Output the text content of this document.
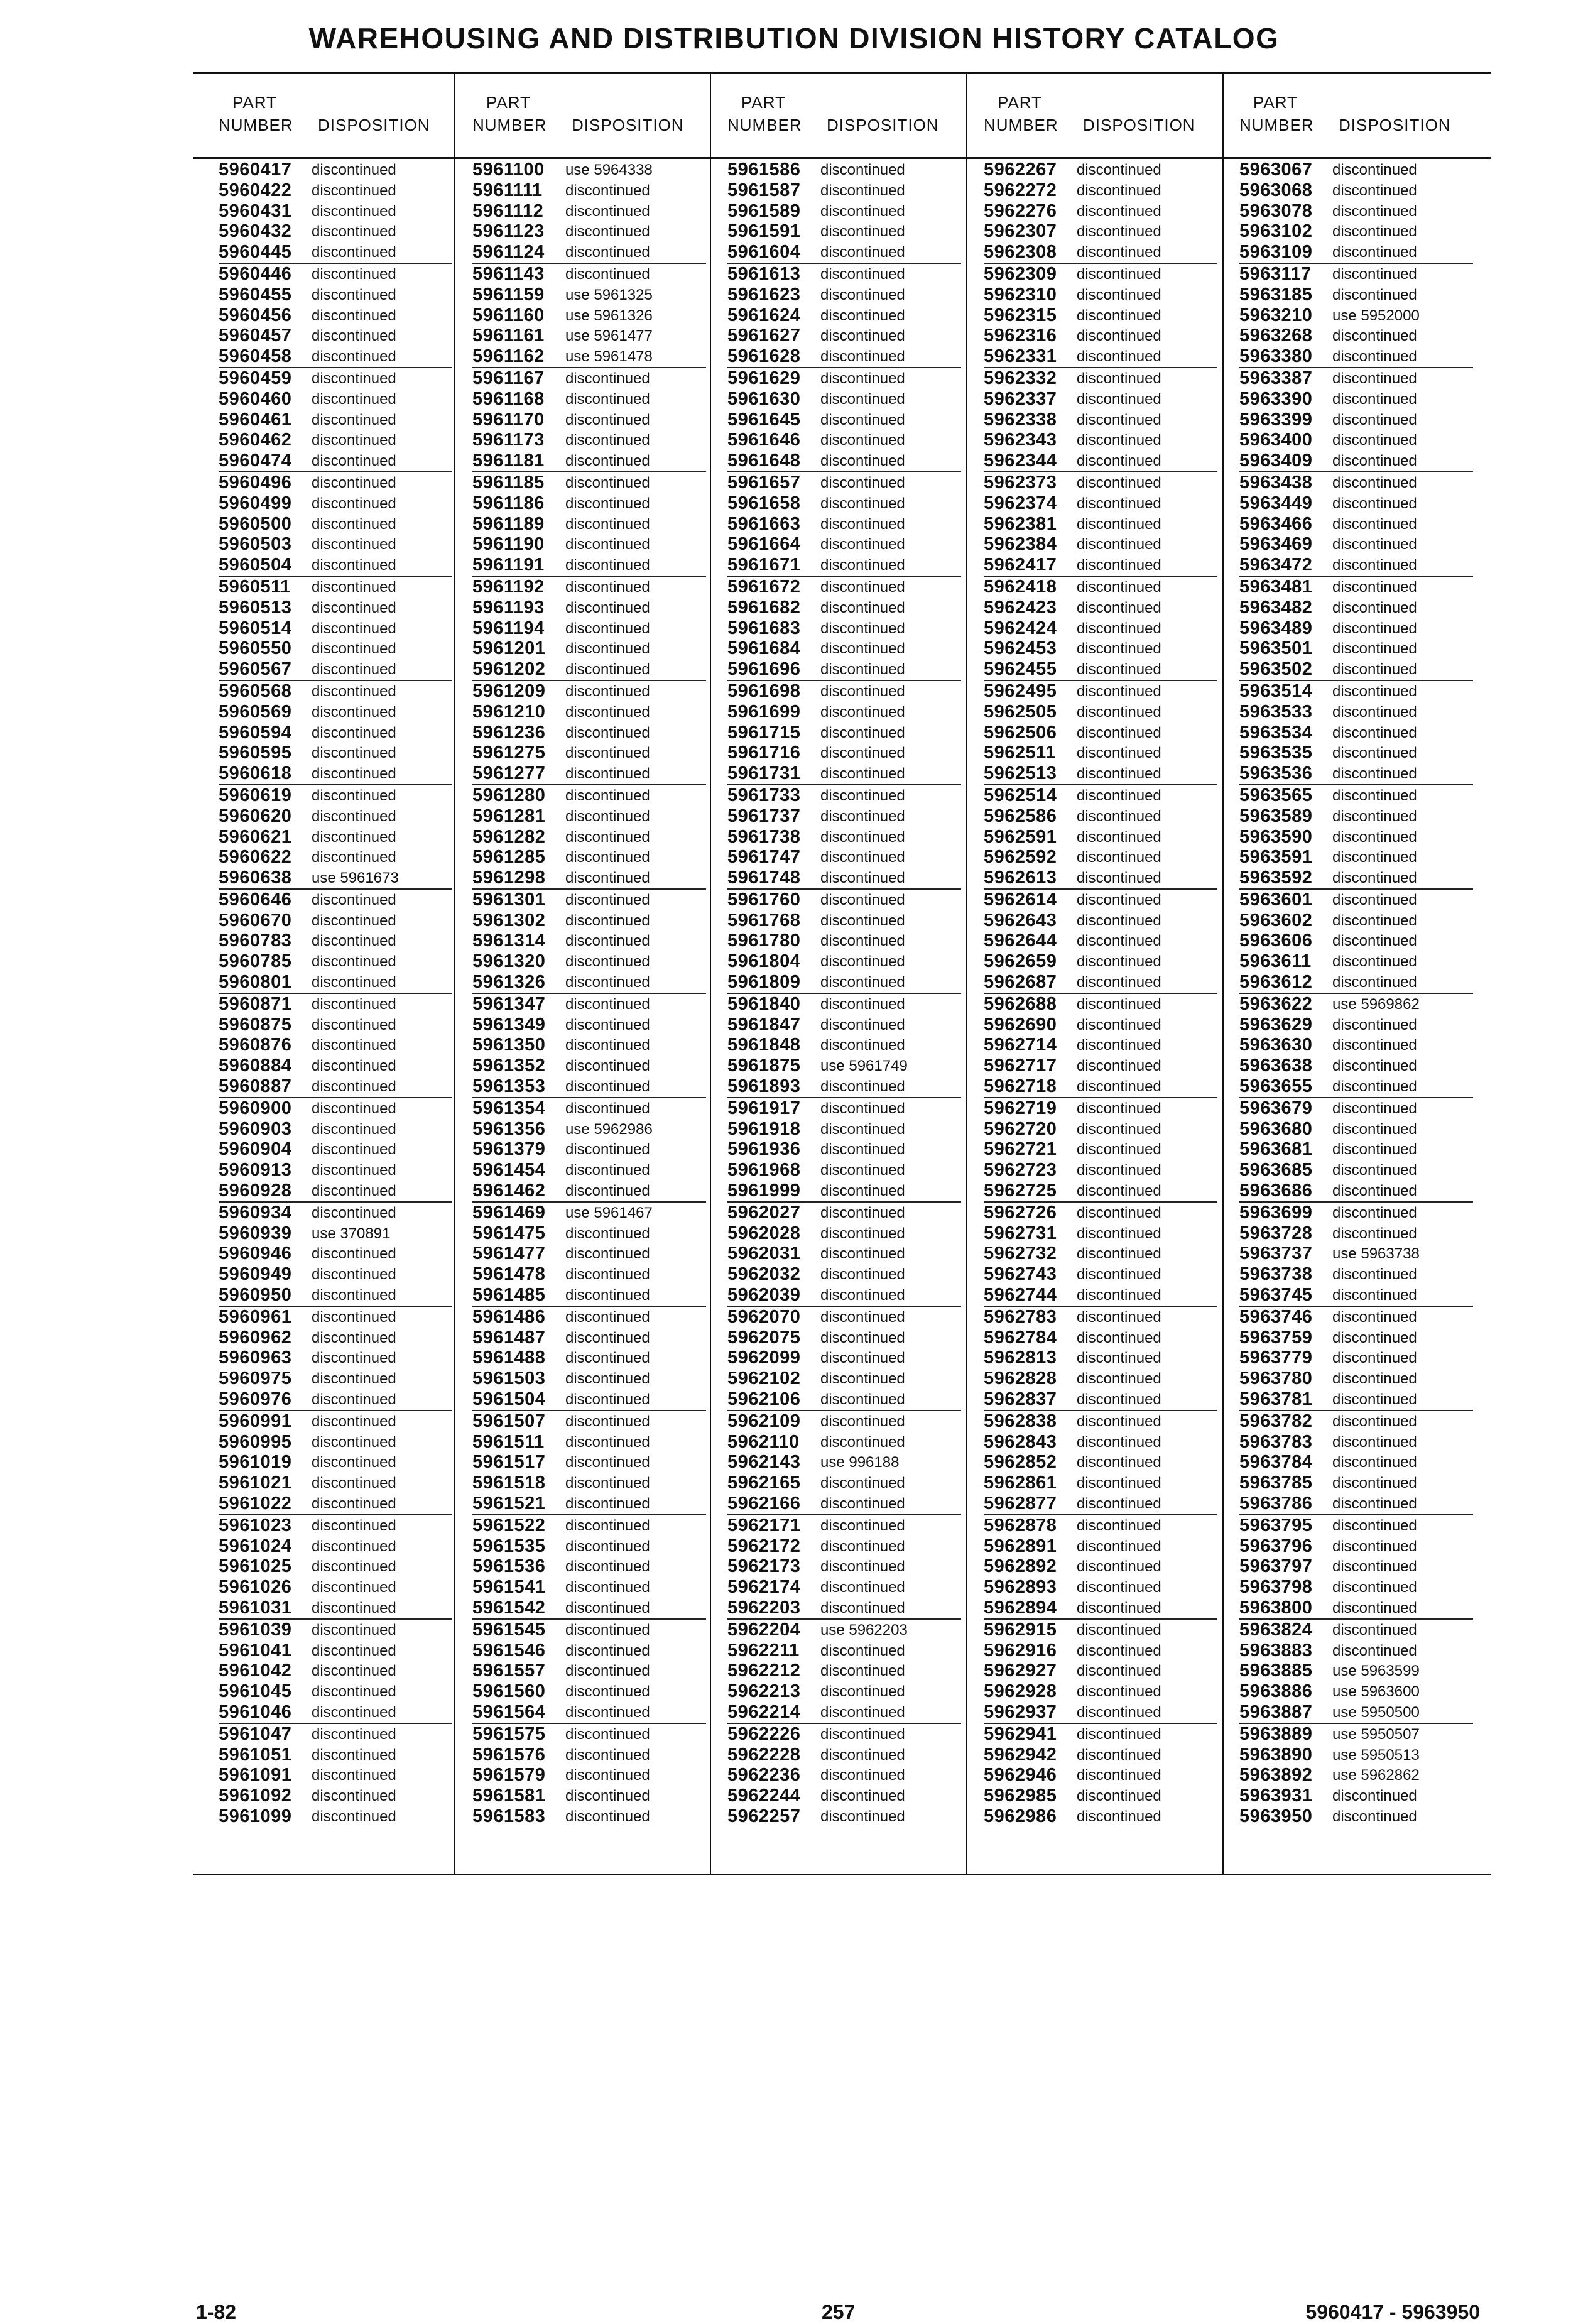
WAREHOUSING AND DISTRIBUTION DIVISION HISTORY CATALOG
PART
NUMBER DISPOSITION
PART
NUMBER DISPOSITION
PART
NUMBER DISPOSITION
PART
NUMBER DISPOSITION
PART
NUMBER DISPOSITION
5960417 discontinued
5960422 discontinued
5960431 discontinued
5960432 discontinued
5960445 discontinued
5960446 discontinued
5960455 discontinued
5960456 discontinued
5960457 discontinued
5960458 discontinued
5960459 discontinued
5960460 discontinued
5960461 discontinued
5960462 discontinued
5960474 discontinued
5960496 discontinued
5960499 discontinued
5960500 discontinued
5960503 discontinued
5960504 discontinued
5960511 discontinued
5960513 discontinued
5960514 discontinued
5960550 discontinued
5960567 discontinued
5960568 discontinued
5960569 discontinued
5960594 discontinued
5960595 discontinued
5960618 discontinued
5960619 discontinued
5960620 discontinued
5960621 discontinued
5960622 discontinued
5960638 use 5961673
5960646 discontinued
5960670 discontinued
5960783 discontinued
5960785 discontinued
5960801 discontinued
5960871 discontinued
5960875 discontinued
5960876 discontinued
5960884 discontinued
5960887 discontinued
5960900 discontinued
5960903 discontinued
5960904 discontinued
5960913 discontinued
5960928 discontinued
5960934 discontinued
5960939 use 370891
5960946 discontinued
5960949 discontinued
5960950 discontinued
5960961 discontinued
5960962 discontinued
5960963 discontinued
5960975 discontinued
5960976 discontinued
5960991 discontinued
5960995 discontinued
5961019 discontinued
5961021 discontinued
5961022 discontinued
5961023 discontinued
5961024 discontinued
5961025 discontinued
5961026 discontinued
5961031 discontinued
5961039 discontinued
5961041 discontinued
5961042 discontinued
5961045 discontinued
5961046 discontinued
5961047 discontinued
5961051 discontinued
5961091 discontinued
5961092 discontinued
5961099 discontinued
5961100 use 5964338
5961111 discontinued
5961112 discontinued
5961123 discontinued
5961124 discontinued
5961143 discontinued
5961159 use 5961325
5961160 use 5961326
5961161 use 5961477
5961162 use 5961478
5961167 discontinued
5961168 discontinued
5961170 discontinued
5961173 discontinued
5961181 discontinued
5961185 discontinued
5961186 discontinued
5961189 discontinued
5961190 discontinued
5961191 discontinued
5961192 discontinued
5961193 discontinued
5961194 discontinued
5961201 discontinued
5961202 discontinued
5961209 discontinued
5961210 discontinued
5961236 discontinued
5961275 discontinued
5961277 discontinued
5961280 discontinued
5961281 discontinued
5961282 discontinued
5961285 discontinued
5961298 discontinued
5961301 discontinued
5961302 discontinued
5961314 discontinued
5961320 discontinued
5961326 discontinued
5961347 discontinued
5961349 discontinued
5961350 discontinued
5961352 discontinued
5961353 discontinued
5961354 discontinued
5961356 use 5962986
5961379 discontinued
5961454 discontinued
5961462 discontinued
5961469 use 5961467
5961475 discontinued
5961477 discontinued
5961478 discontinued
5961485 discontinued
5961486 discontinued
5961487 discontinued
5961488 discontinued
5961503 discontinued
5961504 discontinued
5961507 discontinued
5961511 discontinued
5961517 discontinued
5961518 discontinued
5961521 discontinued
5961522 discontinued
5961535 discontinued
5961536 discontinued
5961541 discontinued
5961542 discontinued
5961545 discontinued
5961546 discontinued
5961557 discontinued
5961560 discontinued
5961564 discontinued
5961575 discontinued
5961576 discontinued
5961579 discontinued
5961581 discontinued
5961583 discontinued
5961586 discontinued
5961587 discontinued
5961589 discontinued
5961591 discontinued
5961604 discontinued
5961613 discontinued
5961623 discontinued
5961624 discontinued
5961627 discontinued
5961628 discontinued
5961629 discontinued
5961630 discontinued
5961645 discontinued
5961646 discontinued
5961648 discontinued
5961657 discontinued
5961658 discontinued
5961663 discontinued
5961664 discontinued
5961671 discontinued
5961672 discontinued
5961682 discontinued
5961683 discontinued
5961684 discontinued
5961696 discontinued
5961698 discontinued
5961699 discontinued
5961715 discontinued
5961716 discontinued
5961731 discontinued
5961733 discontinued
5961737 discontinued
5961738 discontinued
5961747 discontinued
5961748 discontinued
5961760 discontinued
5961768 discontinued
5961780 discontinued
5961804 discontinued
5961809 discontinued
5961840 discontinued
5961847 discontinued
5961848 discontinued
5961875 use 5961749
5961893 discontinued
5961917 discontinued
5961918 discontinued
5961936 discontinued
5961968 discontinued
5961999 discontinued
5962027 discontinued
5962028 discontinued
5962031 discontinued
5962032 discontinued
5962039 discontinued
5962070 discontinued
5962075 discontinued
5962099 discontinued
5962102 discontinued
5962106 discontinued
5962109 discontinued
5962110 discontinued
5962143 use 996188
5962165 discontinued
5962166 discontinued
5962171 discontinued
5962172 discontinued
5962173 discontinued
5962174 discontinued
5962203 discontinued
5962204 use 5962203
5962211 discontinued
5962212 discontinued
5962213 discontinued
5962214 discontinued
5962226 discontinued
5962228 discontinued
5962236 discontinued
5962244 discontinued
5962257 discontinued
5962267 discontinued
5962272 discontinued
5962276 discontinued
5962307 discontinued
5962308 discontinued
5962309 discontinued
5962310 discontinued
5962315 discontinued
5962316 discontinued
5962331 discontinued
5962332 discontinued
5962337 discontinued
5962338 discontinued
5962343 discontinued
5962344 discontinued
5962373 discontinued
5962374 discontinued
5962381 discontinued
5962384 discontinued
5962417 discontinued
5962418 discontinued
5962423 discontinued
5962424 discontinued
5962453 discontinued
5962455 discontinued
5962495 discontinued
5962505 discontinued
5962506 discontinued
5962511 discontinued
5962513 discontinued
5962514 discontinued
5962586 discontinued
5962591 discontinued
5962592 discontinued
5962613 discontinued
5962614 discontinued
5962643 discontinued
5962644 discontinued
5962659 discontinued
5962687 discontinued
5962688 discontinued
5962690 discontinued
5962714 discontinued
5962717 discontinued
5962718 discontinued
5962719 discontinued
5962720 discontinued
5962721 discontinued
5962723 discontinued
5962725 discontinued
5962726 discontinued
5962731 discontinued
5962732 discontinued
5962743 discontinued
5962744 discontinued
5962783 discontinued
5962784 discontinued
5962813 discontinued
5962828 discontinued
5962837 discontinued
5962838 discontinued
5962843 discontinued
5962852 discontinued
5962861 discontinued
5962877 discontinued
5962878 discontinued
5962891 discontinued
5962892 discontinued
5962893 discontinued
5962894 discontinued
5962915 discontinued
5962916 discontinued
5962927 discontinued
5962928 discontinued
5962937 discontinued
5962941 discontinued
5962942 discontinued
5962946 discontinued
5962985 discontinued
5962986 discontinued
5963067 discontinued
5963068 discontinued
5963078 discontinued
5963102 discontinued
5963109 discontinued
5963117 discontinued
5963185 discontinued
5963210 use 5952000
5963268 discontinued
5963380 discontinued
5963387 discontinued
5963390 discontinued
5963399 discontinued
5963400 discontinued
5963409 discontinued
5963438 discontinued
5963449 discontinued
5963466 discontinued
5963469 discontinued
5963472 discontinued
5963481 discontinued
5963482 discontinued
5963489 discontinued
5963501 discontinued
5963502 discontinued
5963514 discontinued
5963533 discontinued
5963534 discontinued
5963535 discontinued
5963536 discontinued
5963565 discontinued
5963589 discontinued
5963590 discontinued
5963591 discontinued
5963592 discontinued
5963601 discontinued
5963602 discontinued
5963606 discontinued
5963611 discontinued
5963612 discontinued
5963622 use 5969862
5963629 discontinued
5963630 discontinued
5963638 discontinued
5963655 discontinued
5963679 discontinued
5963680 discontinued
5963681 discontinued
5963685 discontinued
5963686 discontinued
5963699 discontinued
5963728 discontinued
5963737 use 5963738
5963738 discontinued
5963745 discontinued
5963746 discontinued
5963759 discontinued
5963779 discontinued
5963780 discontinued
5963781 discontinued
5963782 discontinued
5963783 discontinued
5963784 discontinued
5963785 discontinued
5963786 discontinued
5963795 discontinued
5963796 discontinued
5963797 discontinued
5963798 discontinued
5963800 discontinued
5963824 discontinued
5963883 discontinued
5963885 use 5963599
5963886 use 5963600
5963887 use 5950500
5963889 use 5950507
5963890 use 5950513
5963892 use 5962862
5963931 discontinued
5963950 discontinued
1-82	257	5960417 - 5963950
